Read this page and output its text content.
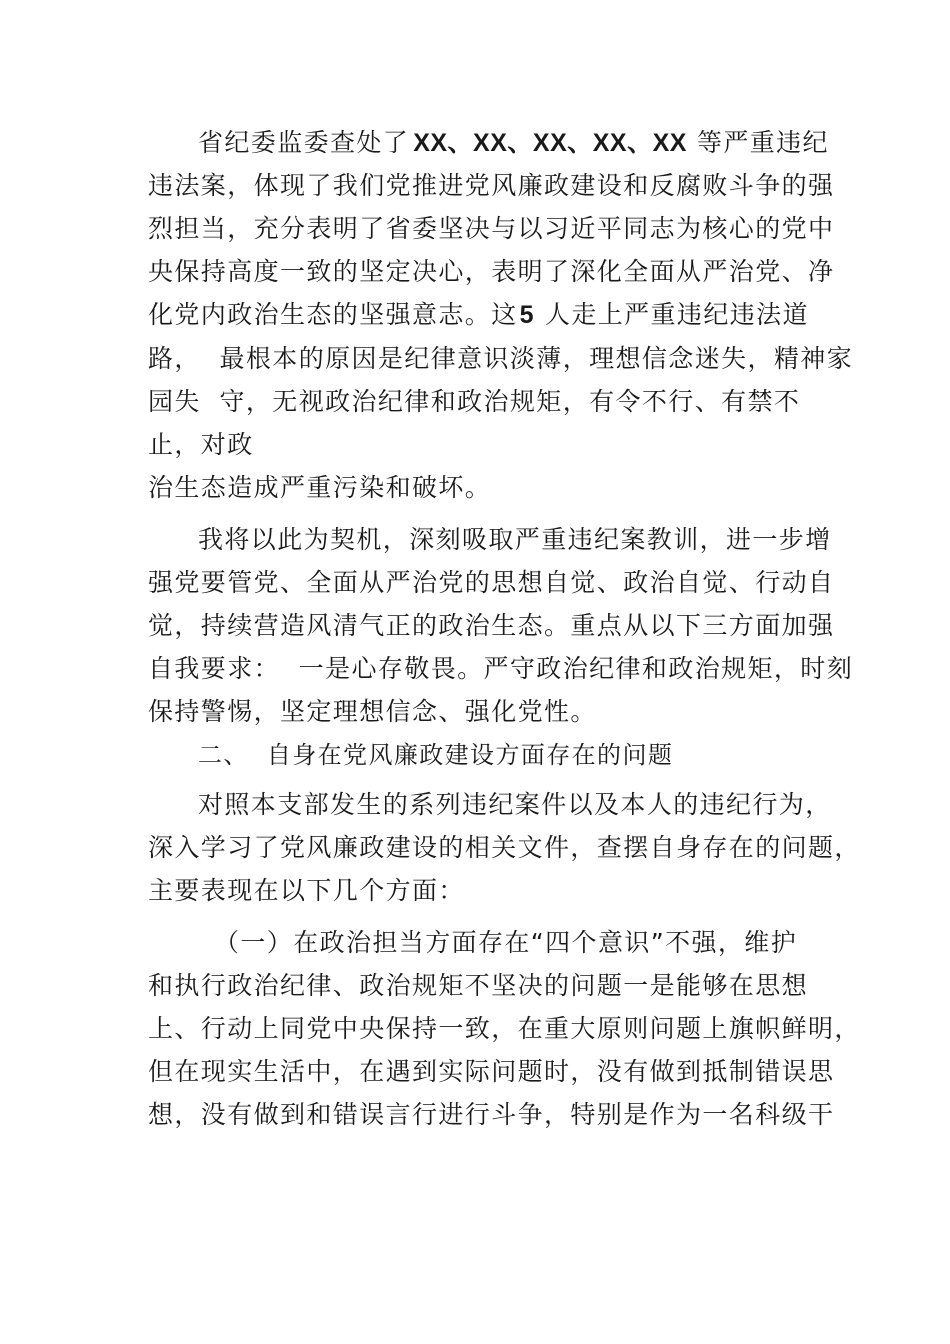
省纪委监委查处了 XX、XX、XX、XX、XX 等严重违纪
违法案，体现了我们党推进党风廉政建设和反腐败斗争的强
烈担当，充分表明了省委坚决与以习近平同志为核心的党中
央保持高度一致的坚定决心，表明了深化全面从严治党、净
化党内政治生态的坚强意志。这5 人走上严重违纪违法道
路，  最根本的原因是纪律意识淡薄，理想信念迷失，精神家
园失  守，无视政治纪律和政治规矩，有令不行、有禁不
止，对政
治生态造成严重污染和破坏。
我将以此为契机，深刻吸取严重违纪案教训，进一步增
强党要管党、全面从严治党的思想自觉、政治自觉、行动自
觉，持续营造风清气正的政治生态。重点从以下三方面加强
自我要求：  一是心存敬畏。严守政治纪律和政治规矩，时刻
保持警惕，坚定理想信念、强化党性。
二、  自身在党风廉政建设方面存在的问题
对照本支部发生的系列违纪案件以及本人的违纪行为，
深入学习了党风廉政建设的相关文件，查摆自身存在的问题，
主要表现在以下几个方面：
（一）在政治担当方面存在“四个意识”不强，维护
和执行政治纪律、政治规矩不坚决的问题一是能够在思想
上、行动上同党中央保持一致，在重大原则问题上旗帜鲜明，
但在现实生活中，在遇到实际问题时，没有做到抵制错误思
想，没有做到和错误言行进行斗争，特别是作为一名科级干
